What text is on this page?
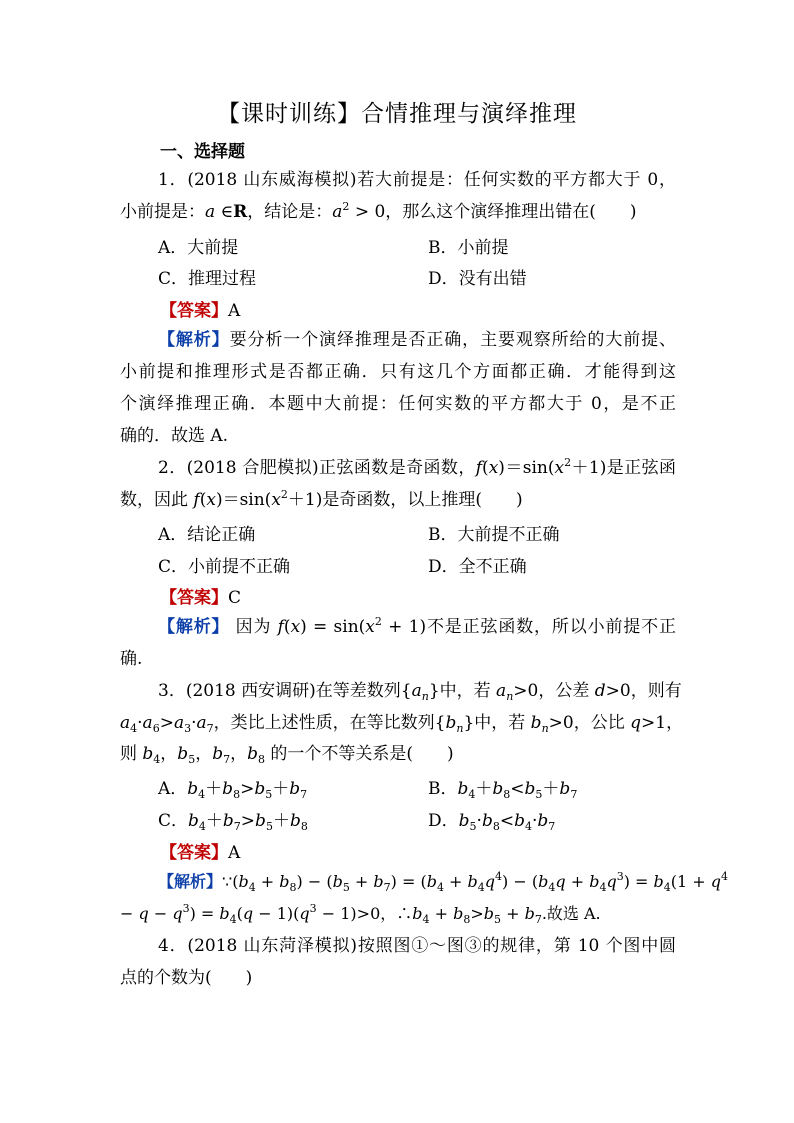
【课时训练】合情推理与演绎推理
一、选择题
1．(2018 山东威海模拟)若大前提是：任何实数的平方都大于 0，
小前提是：a ∈R，结论是：$a^2 > 0$，那么这个演绎推理出错在(　　)
A．大前提	B．小前提
C．推理过程	D．没有出错
【答案】A
【解析】要分析一个演绎推理是否正确，主要观察所给的大前提、
小前提和推理形式是否都正确．只有这几个方面都正确．才能得到这
个演绎推理正确．本题中大前提：任何实数的平方都大于 0，是不正
确的．故选 A.
2．(2018 合肥模拟)正弦函数是奇函数，$f(x)=\sin(x^2+1)$是正弦函
数，因此 $f(x)=\sin(x^2+1)$是奇函数，以上推理(　　)
A．结论正确	B．大前提不正确
C．小前提不正确	D．全不正确
【答案】C
【解析】 因为 $f(x) = \sin(x^2 + 1)$不是正弦函数，所以小前提不正
确.
3．(2018 西安调研)在等差数列$\{a_n\}$中，若 $a_n>0$，公差 d>0，则有
$a_4\cdot a_6>a_3\cdot a_7$，类比上述性质，在等比数列$\{b_n\}$中，若 $b_n>0$，公比 q>1，
则 $b_4$，$b_5$，$b_7$，$b_8$ 的一个不等关系是(　　)
A．$b_4+b_8>b_5+b_7$	B．$b_4+b_8<b_5+b_7$
C．$b_4+b_7>b_5+b_8$	D．$b_5\cdot b_8<b_4\cdot b_7$
【答案】A
【解析】$\because(b_4 + b_8) - (b_5 + b_7) = (b_4 + b_4q^4) - (b_4q + b_4q^3) = b_4(1 + q^4$
− $q - q^3) = b_4(q - 1)(q^3 - 1)>0$，$\therefore b_4 + b_8>b_5 + b_7$.故选 A.
4．(2018 山东菏泽模拟)按照图①～图③的规律，第 10 个图中圆
点的个数为(　　)
